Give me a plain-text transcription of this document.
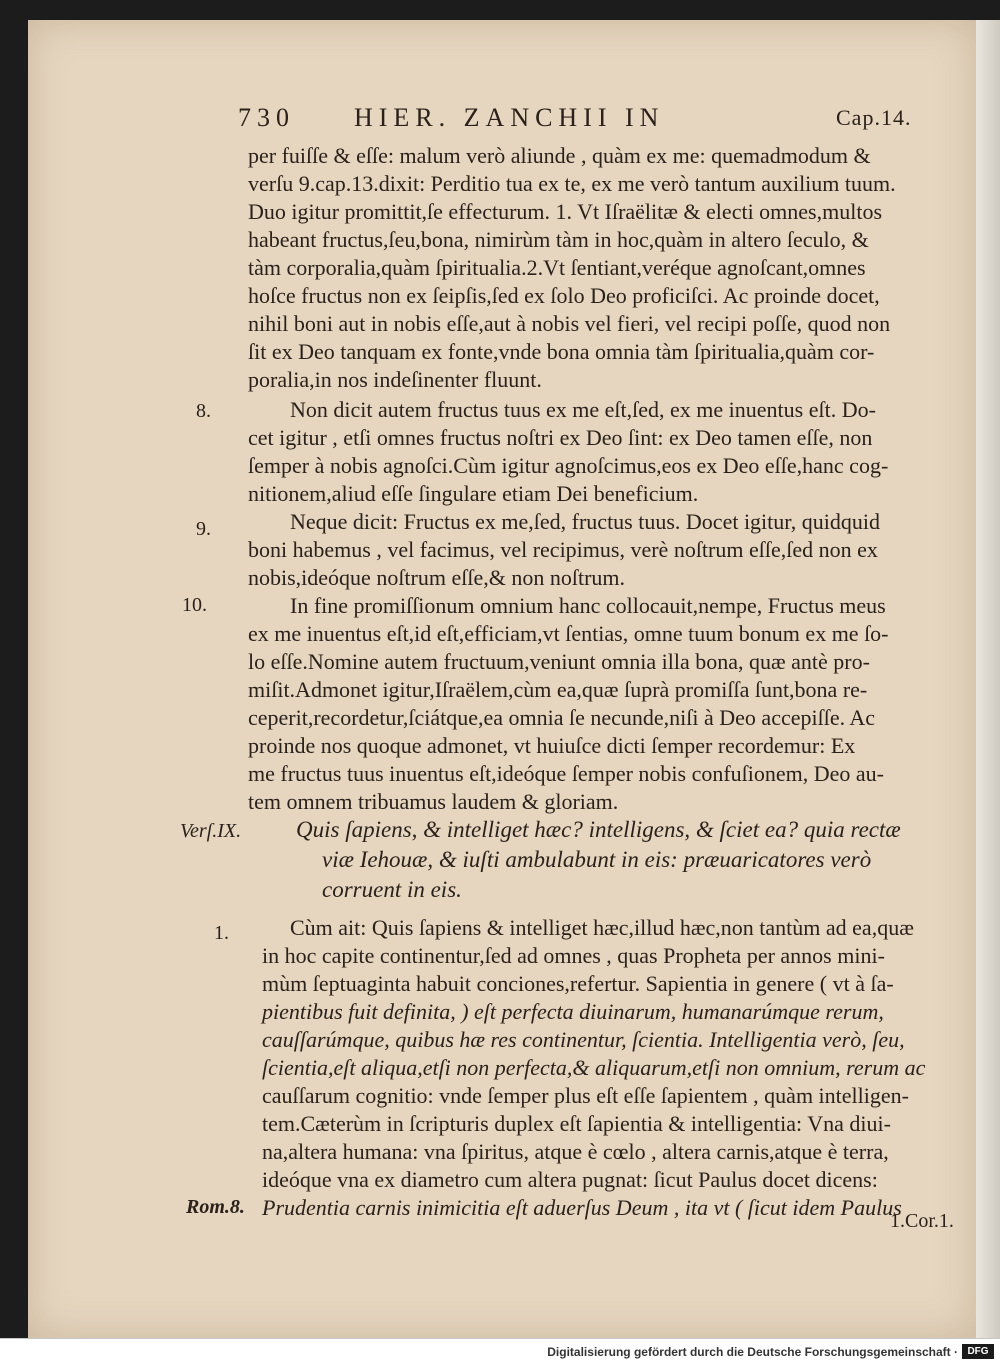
730 HIER. ZANCHII IN	Cap.14.
8.
9.
10.
Verſ.IX.
1.
Rom.8.
1.Cor.1.
per fuiſſe & eſſe: malum verò aliunde , quàm ex me: quemadmodum &
verſu 9.cap.13.dixit: Perditio tua ex te, ex me verò tantum auxilium tuum.
Duo igitur promittit,ſe effecturum. 1. Vt Iſraëlitæ & electi omnes,multos
habeant fructus,ſeu,bona, nimirùm tàm in hoc,quàm in altero ſeculo, &
tàm corporalia,quàm ſpiritualia.2.Vt ſentiant,veréque agnoſcant,omnes
hoſce fructus non ex ſeipſis,ſed ex ſolo Deo proficiſci. Ac proinde docet,
nihil boni aut in nobis eſſe,aut à nobis vel fieri, vel recipi poſſe, quod non
ſit ex Deo tanquam ex fonte,vnde bona omnia tàm ſpiritualia,quàm cor-
poralia,in nos indeſinenter fluunt.
Non dicit autem fructus tuus ex me eſt,ſed, ex me inuentus eſt. Do-
cet igitur , etſi omnes fructus noſtri ex Deo ſint: ex Deo tamen eſſe, non
ſemper à nobis agnoſci.Cùm igitur agnoſcimus,eos ex Deo eſſe,hanc cog-
nitionem,aliud eſſe ſingulare etiam Dei beneficium.
Neque dicit: Fructus ex me,ſed, fructus tuus. Docet igitur, quidquid
boni habemus , vel facimus, vel recipimus, verè noſtrum eſſe,ſed non ex
nobis,ideóque noſtrum eſſe,& non noſtrum.
In fine promiſſionum omnium hanc collocauit,nempe, Fructus meus
ex me inuentus eſt,id eſt,efficiam,vt ſentias, omne tuum bonum ex me ſo-
lo eſſe.Nomine autem fructuum,veniunt omnia illa bona, quæ antè pro-
miſit.Admonet igitur,Iſraëlem,cùm ea,quæ ſuprà promiſſa ſunt,bona re-
ceperit,recordetur,ſciátque,ea omnia ſe necunde,niſi à Deo accepiſſe. Ac
proinde nos quoque admonet, vt huiuſce dicti ſemper recordemur: Ex
me fructus tuus inuentus eſt,ideóque ſemper nobis confuſionem, Deo au-
tem omnem tribuamus laudem & gloriam.
Quis ſapiens, & intelliget hæc? intelligens, & ſciet ea? quia rectæ
viæ Iehouæ, & iuſti ambulabunt in eis: præuaricatores verò
corruent in eis.
Cùm ait: Quis ſapiens & intelliget hæc,illud hæc,non tantùm ad ea,quæ
in hoc capite continentur,ſed ad omnes , quas Propheta per annos mini-
mùm ſeptuaginta habuit conciones,refertur. Sapientia in genere ( vt à ſa-
pientibus fuit definita, ) eſt perfecta diuinarum, humanarúmque rerum,
cauſſarúmque, quibus hæ res continentur, ſcientia. Intelligentia verò, ſeu,
ſcientia,eſt aliqua,etſi non perfecta,& aliquarum,etſi non omnium, rerum ac
cauſſarum cognitio: vnde ſemper plus eſt eſſe ſapientem , quàm intelligen-
tem.Cæterùm in ſcripturis duplex eſt ſapientia & intelligentia: Vna diui-
na,altera humana: vna ſpiritus, atque è cœlo , altera carnis,atque è terra,
ideóque vna ex diametro cum altera pugnat: ſicut Paulus docet dicens:
Prudentia carnis inimicitia eſt aduerſus Deum , ita vt ( ſicut idem Paulus
Digitalisierung gefördert durch die Deutsche Forschungsgemeinschaft · DFG
